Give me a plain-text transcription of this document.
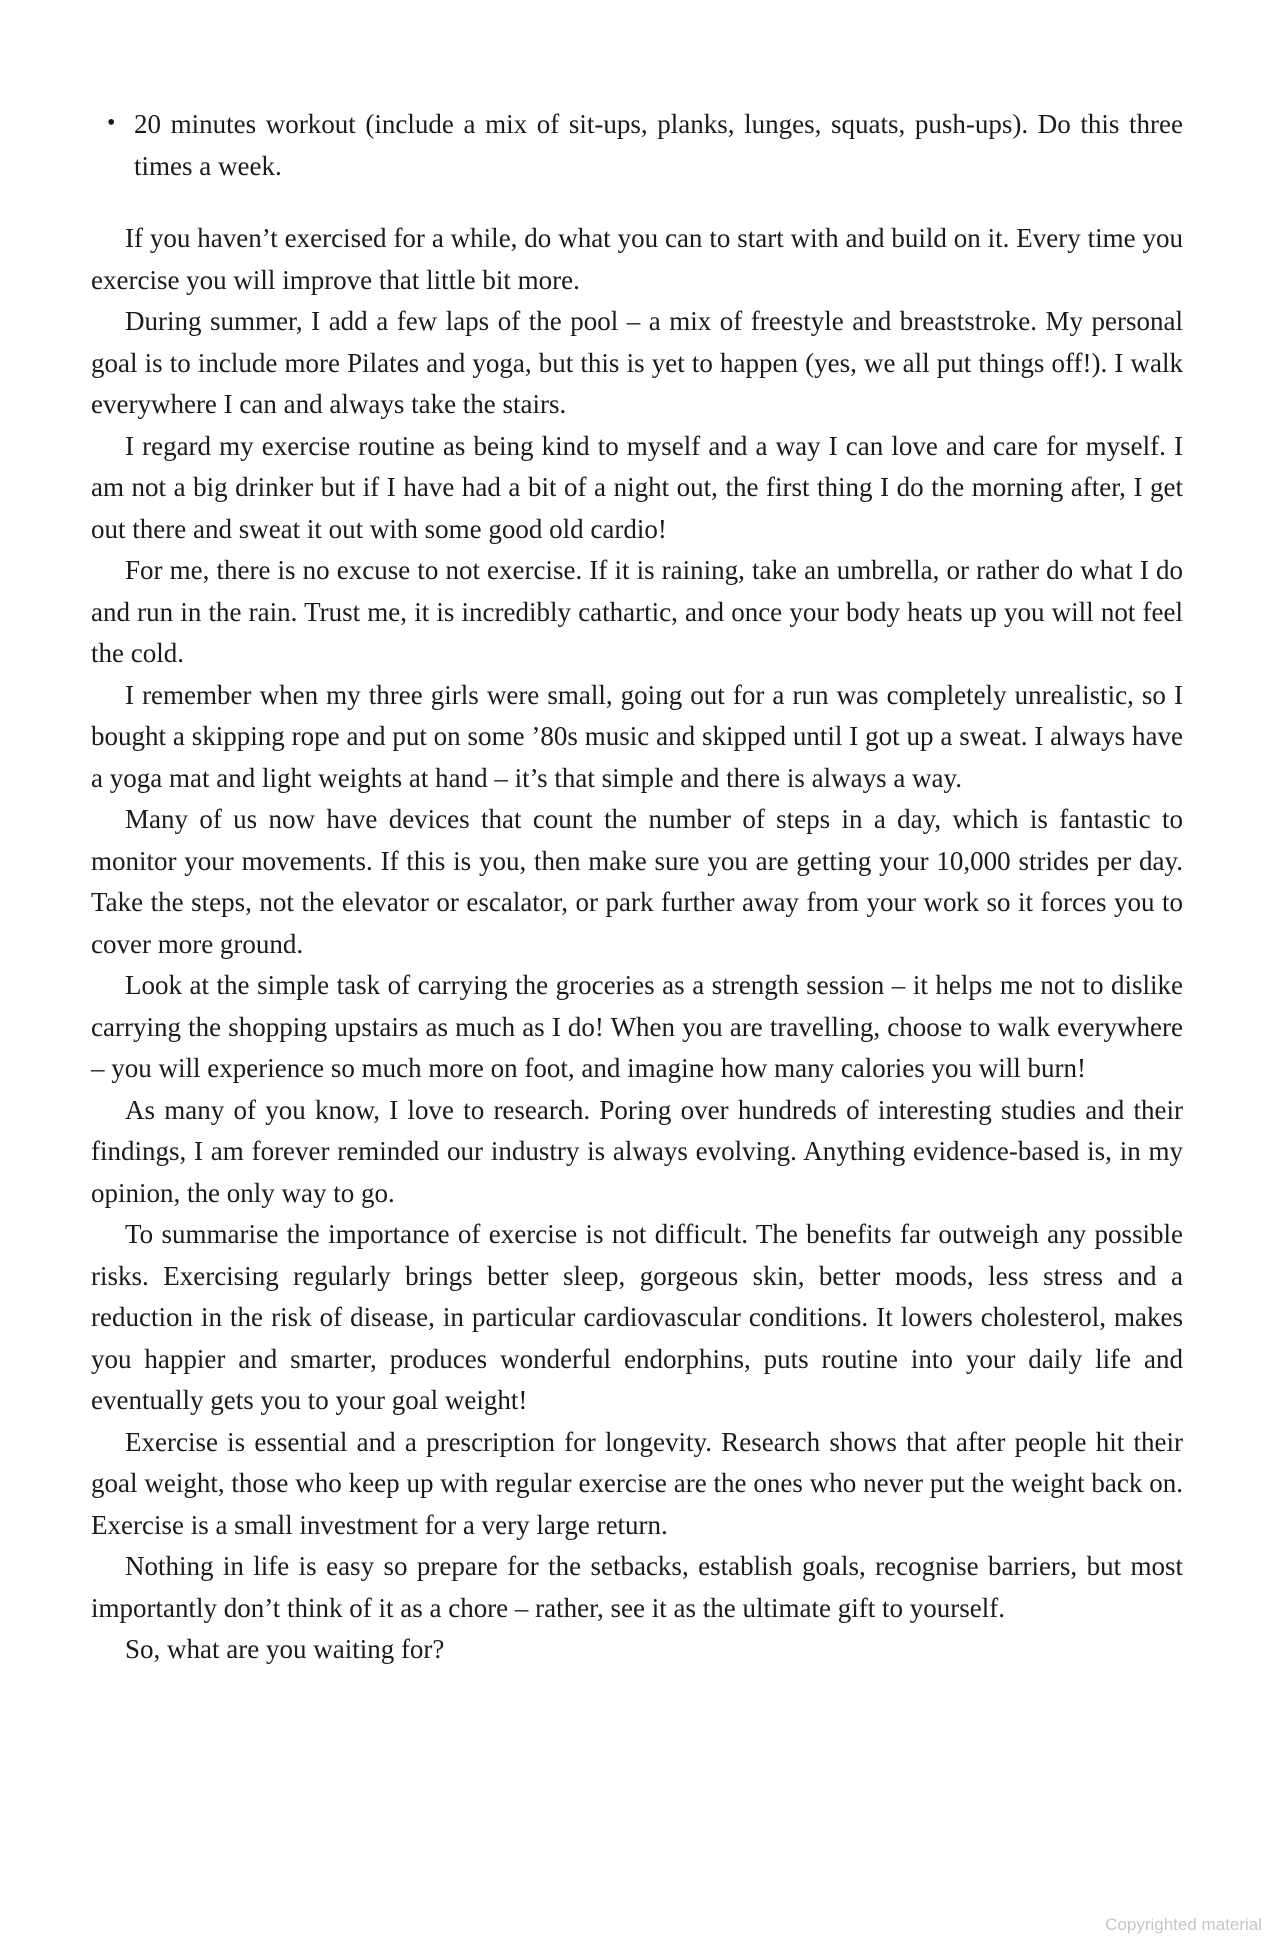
• 20 minutes workout (include a mix of sit-ups, planks, lunges, squats, push-ups). Do this three times a week.

If you haven’t exercised for a while, do what you can to start with and build on it. Every time you exercise you will improve that little bit more.

During summer, I add a few laps of the pool – a mix of freestyle and breaststroke. My personal goal is to include more Pilates and yoga, but this is yet to happen (yes, we all put things off!). I walk everywhere I can and always take the stairs.

I regard my exercise routine as being kind to myself and a way I can love and care for myself. I am not a big drinker but if I have had a bit of a night out, the first thing I do the morning after, I get out there and sweat it out with some good old cardio!

For me, there is no excuse to not exercise. If it is raining, take an umbrella, or rather do what I do and run in the rain. Trust me, it is incredibly cathartic, and once your body heats up you will not feel the cold.

I remember when my three girls were small, going out for a run was completely unrealistic, so I bought a skipping rope and put on some ’80s music and skipped until I got up a sweat. I always have a yoga mat and light weights at hand – it’s that simple and there is always a way.

Many of us now have devices that count the number of steps in a day, which is fantastic to monitor your movements. If this is you, then make sure you are getting your 10,000 strides per day. Take the steps, not the elevator or escalator, or park further away from your work so it forces you to cover more ground.

Look at the simple task of carrying the groceries as a strength session – it helps me not to dislike carrying the shopping upstairs as much as I do! When you are travelling, choose to walk everywhere – you will experience so much more on foot, and imagine how many calories you will burn!

As many of you know, I love to research. Poring over hundreds of interesting studies and their findings, I am forever reminded our industry is always evolving. Anything evidence-based is, in my opinion, the only way to go.

To summarise the importance of exercise is not difficult. The benefits far outweigh any possible risks. Exercising regularly brings better sleep, gorgeous skin, better moods, less stress and a reduction in the risk of disease, in particular cardiovascular conditions. It lowers cholesterol, makes you happier and smarter, produces wonderful endorphins, puts routine into your daily life and eventually gets you to your goal weight!

Exercise is essential and a prescription for longevity. Research shows that after people hit their goal weight, those who keep up with regular exercise are the ones who never put the weight back on. Exercise is a small investment for a very large return.

Nothing in life is easy so prepare for the setbacks, establish goals, recognise barriers, but most importantly don’t think of it as a chore – rather, see it as the ultimate gift to yourself.

So, what are you waiting for?

Copyrighted material
